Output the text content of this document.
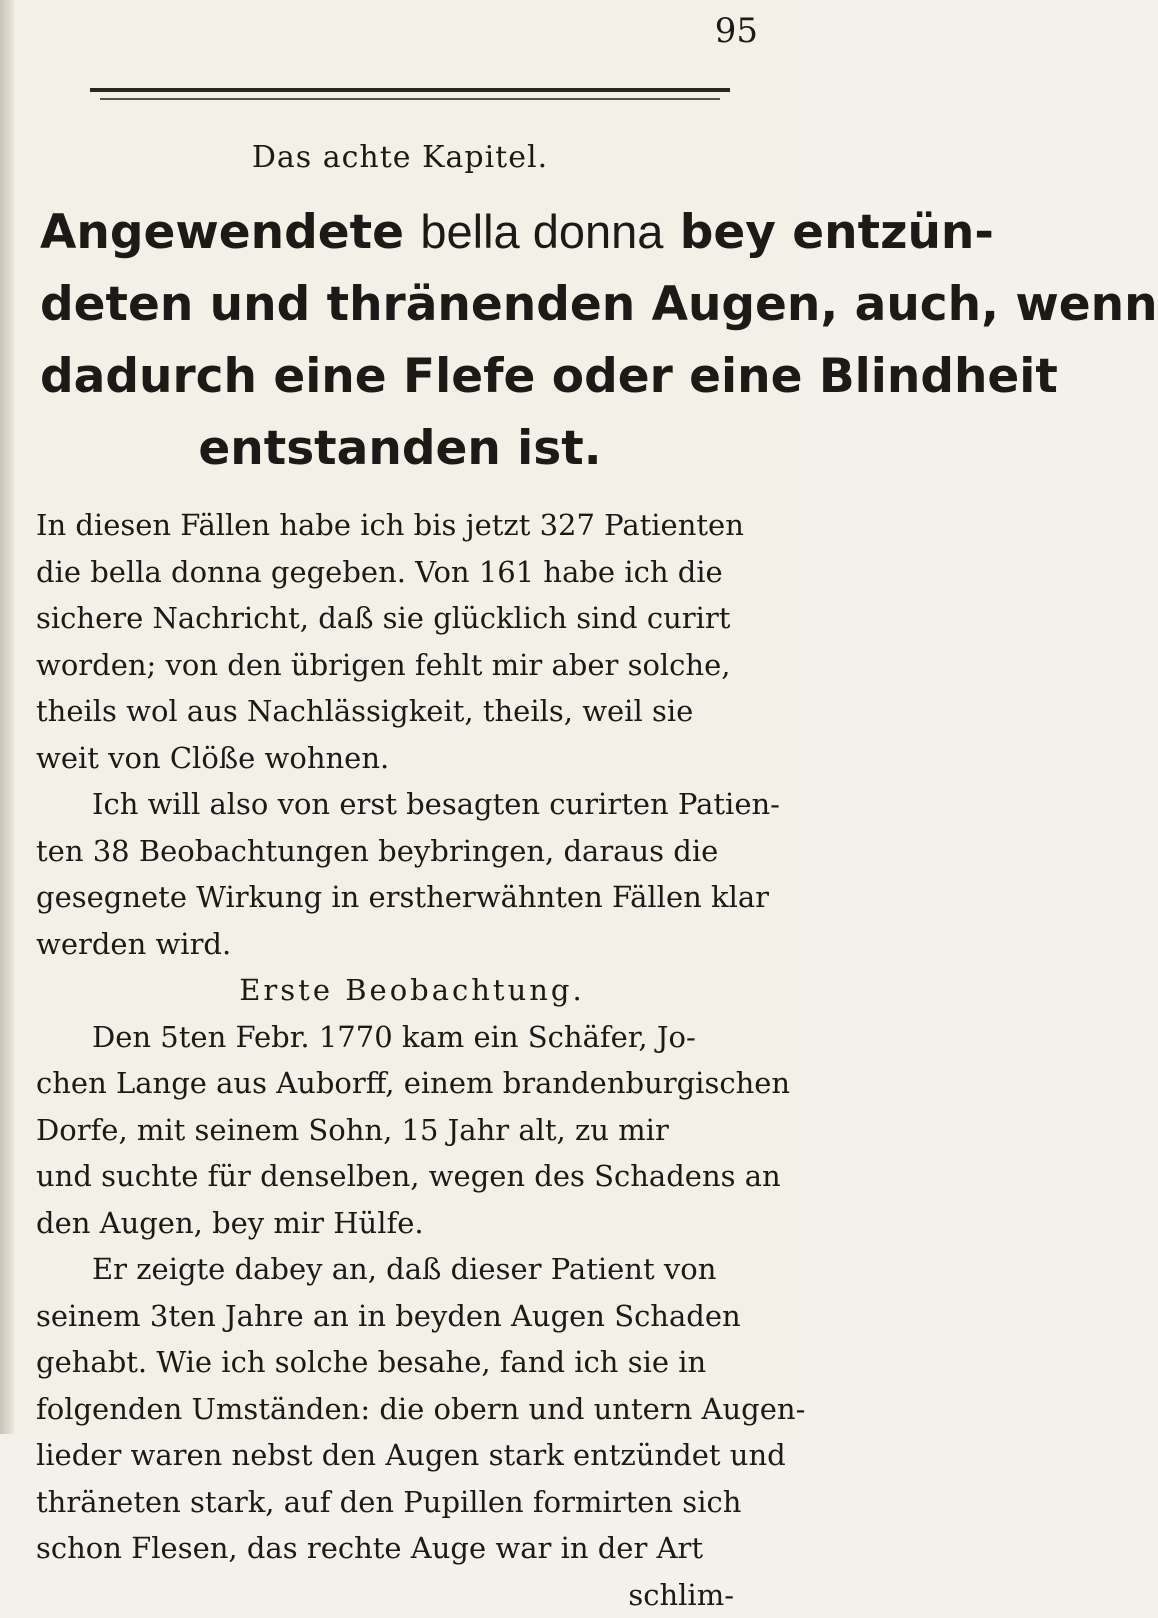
95
Das achte Kapitel.
Angewendete bella donna bey entzün-
deten und thränenden Augen, auch, wenn
dadurch eine Flefe oder eine Blindheit
entstanden ist.
In diesen Fällen habe ich bis jetzt 327 Patienten
die bella donna gegeben. Von 161 habe ich die
sichere Nachricht, daß sie glücklich sind curirt
worden; von den übrigen fehlt mir aber solche,
theils wol aus Nachlässigkeit, theils, weil sie
weit von Clöße wohnen.
Ich will also von erst besagten curirten Patien-
ten 38 Beobachtungen beybringen, daraus die
gesegnete Wirkung in erstherwähnten Fällen klar
werden wird.
Erste Beobachtung.
Den 5ten Febr. 1770 kam ein Schäfer, Jo-
chen Lange aus Auborff, einem brandenburgischen
Dorfe, mit seinem Sohn, 15 Jahr alt, zu mir
und suchte für denselben, wegen des Schadens an
den Augen, bey mir Hülfe.
Er zeigte dabey an, daß dieser Patient von
seinem 3ten Jahre an in beyden Augen Schaden
gehabt. Wie ich solche besahe, fand ich sie in
folgenden Umständen: die obern und untern Augen-
lieder waren nebst den Augen stark entzündet und
thräneten stark, auf den Pupillen formirten sich
schon Flesen, das rechte Auge war in der Art
schlim-
